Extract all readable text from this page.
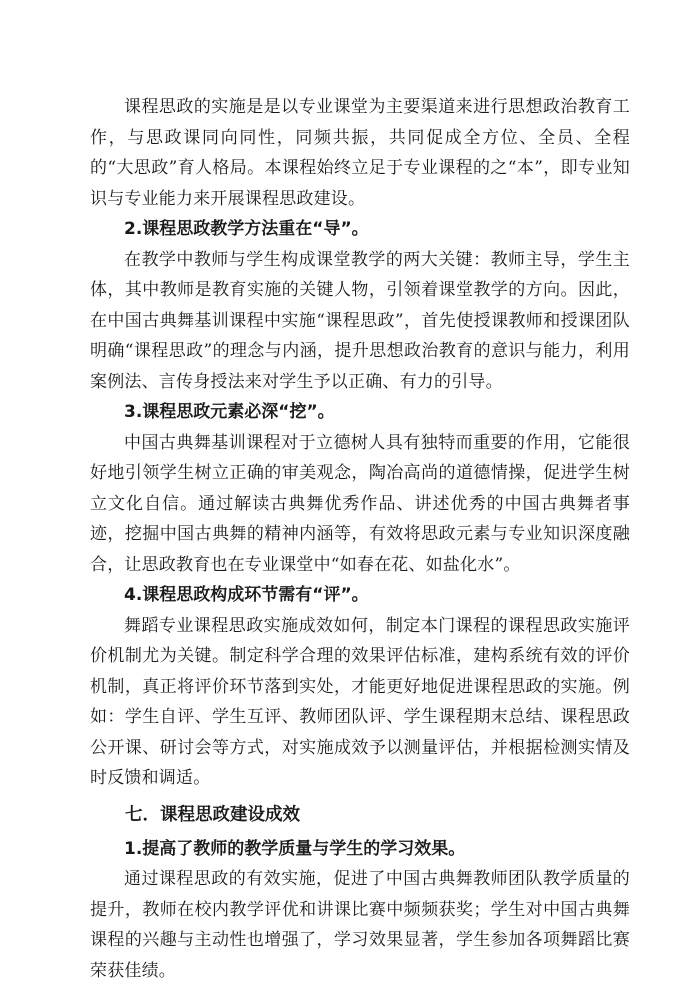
课程思政的实施是是以专业课堂为主要渠道来进行思想政治教育工作，与思政课同向同性，同频共振，共同促成全方位、全员、全程的“大思政”育人格局。本课程始终立足于专业课程的之“本”，即专业知识与专业能力来开展课程思政建设。

2.课程思政教学方法重在“导”。

在教学中教师与学生构成课堂教学的两大关键：教师主导，学生主体，其中教师是教育实施的关键人物，引领着课堂教学的方向。因此，在中国古典舞基训课程中实施“课程思政”，首先使授课教师和授课团队明确“课程思政”的理念与内涵，提升思想政治教育的意识与能力，利用案例法、言传身授法来对学生予以正确、有力的引导。

3.课程思政元素必深“挖”。

中国古典舞基训课程对于立德树人具有独特而重要的作用，它能很好地引领学生树立正确的审美观念，陶冶高尚的道德情操，促进学生树立文化自信。通过解读古典舞优秀作品、讲述优秀的中国古典舞者事迹，挖掘中国古典舞的精神内涵等，有效将思政元素与专业知识深度融合，让思政教育也在专业课堂中“如春在花、如盐化水”。

4.课程思政构成环节需有“评”。

舞蹈专业课程思政实施成效如何，制定本门课程的课程思政实施评价机制尤为关键。制定科学合理的效果评估标准，建构系统有效的评价机制，真正将评价环节落到实处，才能更好地促进课程思政的实施。例如：学生自评、学生互评、教师团队评、学生课程期末总结、课程思政公开课、研讨会等方式，对实施成效予以测量评估，并根据检测实情及时反馈和调适。

七．课程思政建设成效

1.提高了教师的教学质量与学生的学习效果。

通过课程思政的有效实施，促进了中国古典舞教师团队教学质量的提升，教师在校内教学评优和讲课比赛中频频获奖；学生对中国古典舞课程的兴趣与主动性也增强了，学习效果显著，学生参加各项舞蹈比赛荣获佳绩。
